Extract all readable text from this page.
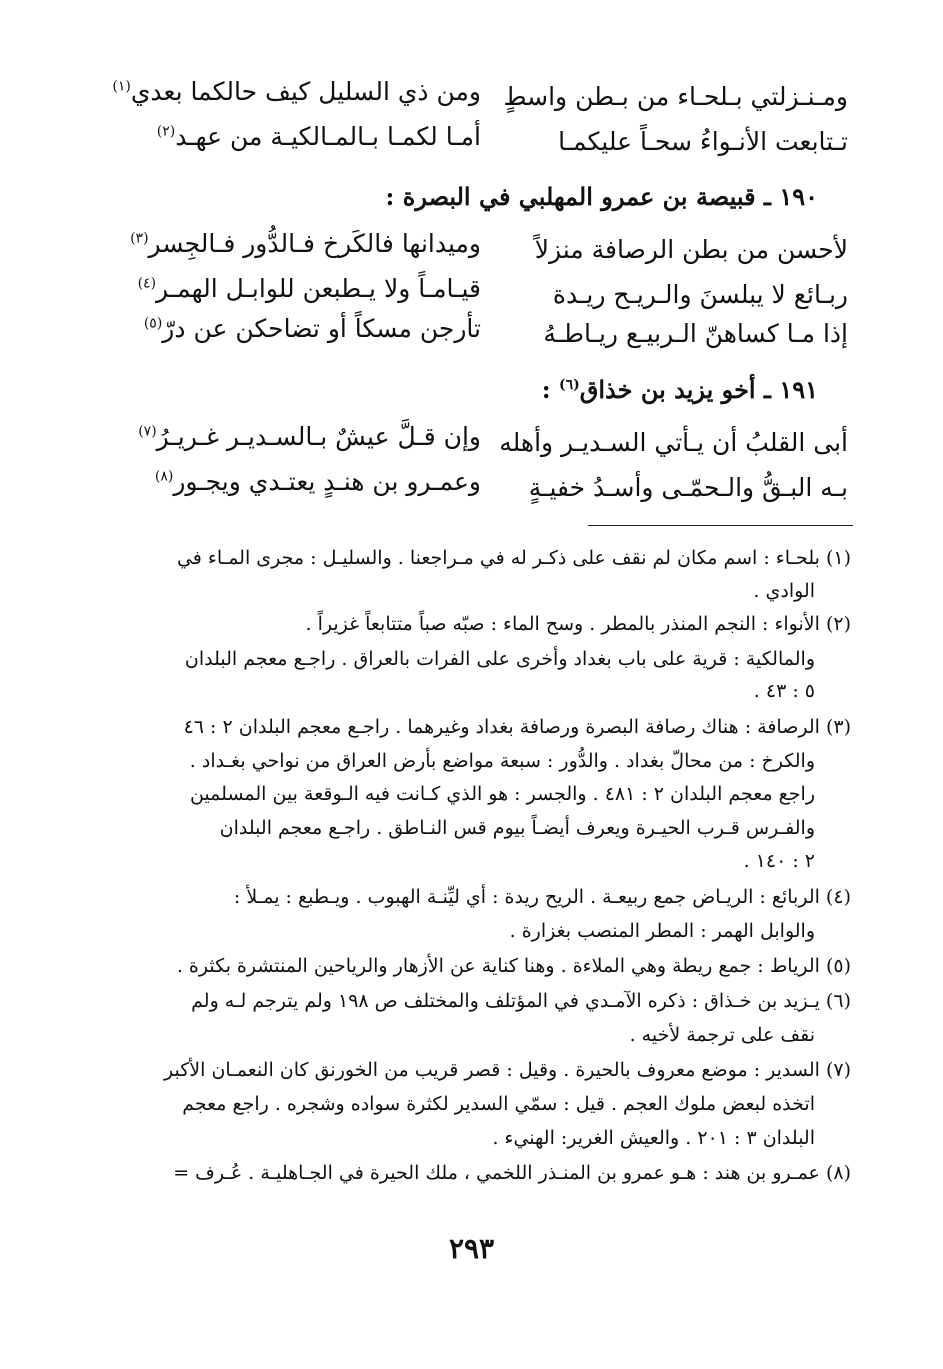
ومـنـزلتي بـلحـاء من بـطن واسطٍ
ومن ذي السليل كيف حالكما بعدي$^{(١)}$
تـتابعت الأنـواءُ سحـاً عليكمـا
أمـا لكمـا بـالمـالكيـة من عهـد$^{(٢)}$
١٩٠ ـ قبيصة بن عمرو المهلبي في البصرة :
لأحسن من بطن الرصافة منزلاً
وميدانها فالكَرخ فـالدُّور فـالجِسر$^{(٣)}$
ربـائع لا يبلسنَ والـريـح ريـدة
قيـامـاً ولا يـطبعن للوابـل الهمـر$^{(٤)}$
إذا مـا كساهنّ الـربيـع ريـاطـهُ
تأرجن مسكاً أو تضاحكن عن درّ$^{(٥)}$
١٩١ ـ أخو يزيد بن خذاق$^{(٦)}$ :
أبى القلبُ أن يـأتي السـديـر وأهله
وإن قـلَّ عيشٌ بـالسـديـر غـريـرُ$^{(٧)}$
بـه البـقُّ والـحمّـى وأسـدُ خفيـةٍ
وعمـرو بن هنـدٍ يعتـدي ويجـور$^{(٨)}$
(١) بلحـاء : اسم مكان لم نقف على ذكـر له في مـراجعنا . والسليـل : مجرى المـاء في
الوادي .
(٢) الأنواء : النجم المنذر بالمطر . وسح الماء : صبّه صباً متتابعاً غزيراً .
والمالكية : قرية على باب بغداد وأخرى على الفرات بالعراق . راجـع معجم البلدان
٥ : ٤٣ .
(٣) الرصافة : هناك رصافة البصرة ورصافة بغداد وغيرهما . راجـع معجم البلدان ٢ : ٤٦
والكرخ : من محالّ بغداد . والدُّور : سبعة مواضع بأرض العراق من نواحي بغـداد .
راجع معجم البلدان ٢ : ٤٨١ . والجسر : هو الذي كـانت فيه الـوقعة بين المسلمين
والفـرس قـرب الحيـرة ويعرف أيضـاً بيوم قس النـاطق . راجـع معجم البلدان
٢ : ١٤٠ .
(٤) الربائع : الريـاض جمع ربيعـة . الريح ريدة : أي ليِّنـة الهبوب . ويـطبع : يمـلأ :
والوابل الهمر : المطر المنصب بغزارة .
(٥) الرياط : جمع ريطة وهي الملاءة . وهنا كناية عن الأزهار والرياحين المنتشرة بكثرة .
(٦) يـزيد بن خـذاق : ذكره الآمـدي في المؤتلف والمختلف ص ١٩٨ ولم يترجم لـه ولم
نقف على ترجمة لأخيه .
(٧) السدير : موضع معروف بالحيرة . وقيل : قصر قريب من الخورنق كان النعمـان الأكبر
اتخذه لبعض ملوك العجم . قيل : سمّي السدير لكثرة سواده وشجره . راجع معجم
البلدان ٣ : ٢٠١ . والعيش الغرير: الهنيء .
(٨) عمـرو بن هند : هـو عمرو بن المنـذر اللخمي ، ملك الحيرة في الجـاهليـة . عُـرف =
٢٩٣
